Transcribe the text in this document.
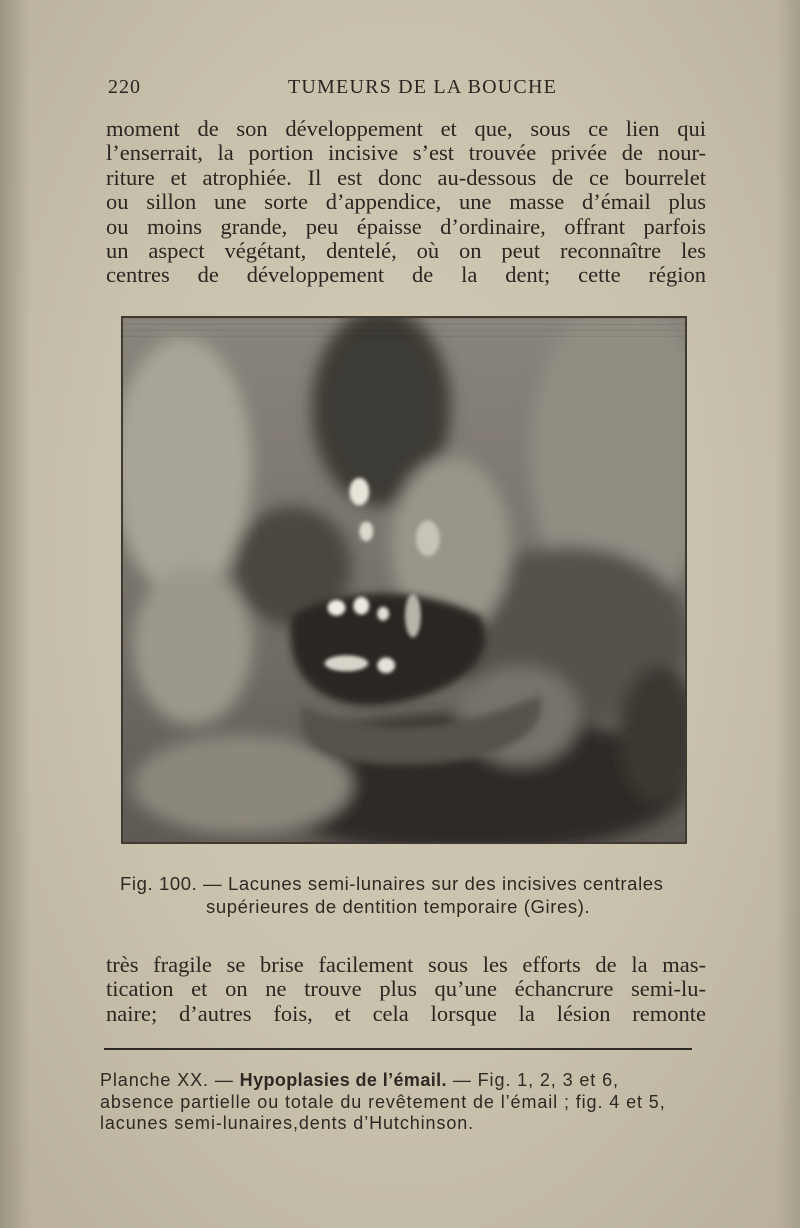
220	TUMEURS DE LA BOUCHE
moment de son développement et que, sous ce lien qui
l’enserrait, la portion incisive s’est trouvée privée de nour-
riture et atrophiée. Il est donc au-dessous de ce bourrelet
ou sillon une sorte d’appendice, une masse d’émail plus
ou moins grande, peu épaisse d’ordinaire, offrant parfois
un aspect végétant, dentelé, où on peut reconnaître les
centres de développement de la dent; cette région
Fig. 100. — Lacunes semi-lunaires sur des incisives centrales
supérieures de dentition temporaire (Gires).
très fragile se brise facilement sous les efforts de la mas-
tication et on ne trouve plus qu’une échancrure semi-lu-
naire; d’autres fois, et cela lorsque la lésion remonte
Planche XX. — Hypoplasies de l’émail. — Fig. 1, 2, 3 et 6,
absence partielle ou totale du revêtement de l’émail ; fig. 4 et 5,
lacunes semi-lunaires,dents d’Hutchinson.
